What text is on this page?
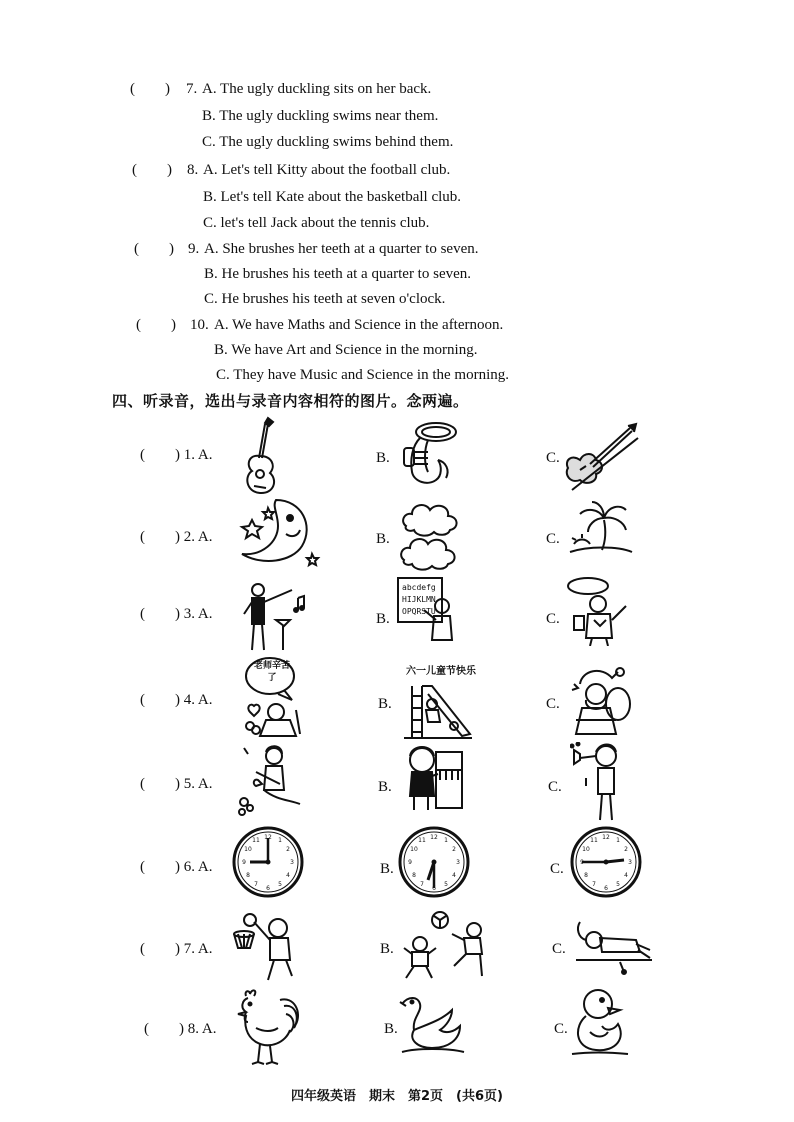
(　　) 7. A. The ugly duckling sits on her back.
B. The ugly duckling swims near them.
C. The ugly duckling swims behind them.
(　　) 8. A. Let's tell Kitty about the football club.
B. Let's tell Kate about the basketball club.
C. let's tell Jack about the tennis club.
(　　) 9. A. She brushes her teeth at a quarter to seven.
B. He brushes his teeth at a quarter to seven.
C. He brushes his teeth at seven o'clock.
(　　) 10. A. We have Maths and Science in the afternoon.
B. We have Art and Science in the morning.
C. They have Music and Science in the morning.
四、听录音，选出与录音内容相符的图片。念两遍。
(　　) 1. A.	B.	C.
(　　) 2. A.	B.	C.
(　　) 3. A.	B.	C.
(　　) 4. A.	B.	C.
(　　) 5. A.	B.	C.
(　　) 6. A.	B.	C.
(　　) 7. A.	B.	C.
(　　) 8. A.	B.	C.
abcdefg
HIJKLMN
OPQRSTU
老师辛苦了
六一儿童节快乐
12 1
2
3
4
5
6
7
8
9
10
11	12 1
2
3
4
5
6
7
8
9
10
11	12 1
2
3
4
5
6
7
8
9
10
11
四年级英语　期末　第2页　(共6页)
